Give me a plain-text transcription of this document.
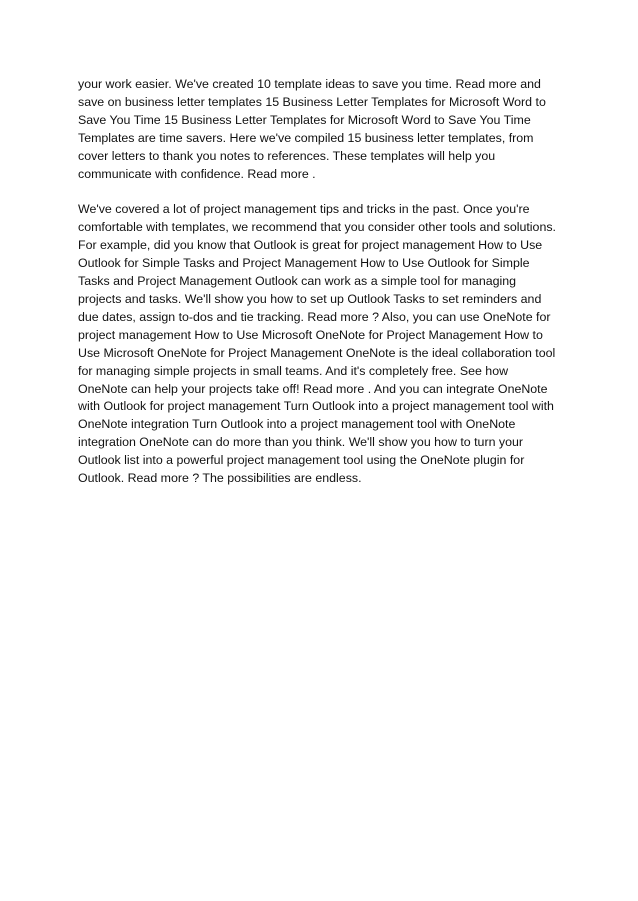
your work easier. We've created 10 template ideas to save you time. Read more and save on business letter templates 15 Business Letter Templates for Microsoft Word to Save You Time 15 Business Letter Templates for Microsoft Word to Save You Time Templates are time savers. Here we've compiled 15 business letter templates, from cover letters to thank you notes to references. These templates will help you communicate with confidence. Read more .

We've covered a lot of project management tips and tricks in the past. Once you're comfortable with templates, we recommend that you consider other tools and solutions. For example, did you know that Outlook is great for project management How to Use Outlook for Simple Tasks and Project Management How to Use Outlook for Simple Tasks and Project Management Outlook can work as a simple tool for managing projects and tasks. We'll show you how to set up Outlook Tasks to set reminders and due dates, assign to-dos and tie tracking. Read more ? Also, you can use OneNote for project management How to Use Microsoft OneNote for Project Management How to Use Microsoft OneNote for Project Management OneNote is the ideal collaboration tool for managing simple projects in small teams. And it's completely free. See how OneNote can help your projects take off! Read more . And you can integrate OneNote with Outlook for project management Turn Outlook into a project management tool with OneNote integration Turn Outlook into a project management tool with OneNote integration OneNote can do more than you think. We'll show you how to turn your Outlook list into a powerful project management tool using the OneNote plugin for Outlook. Read more ? The possibilities are endless.
